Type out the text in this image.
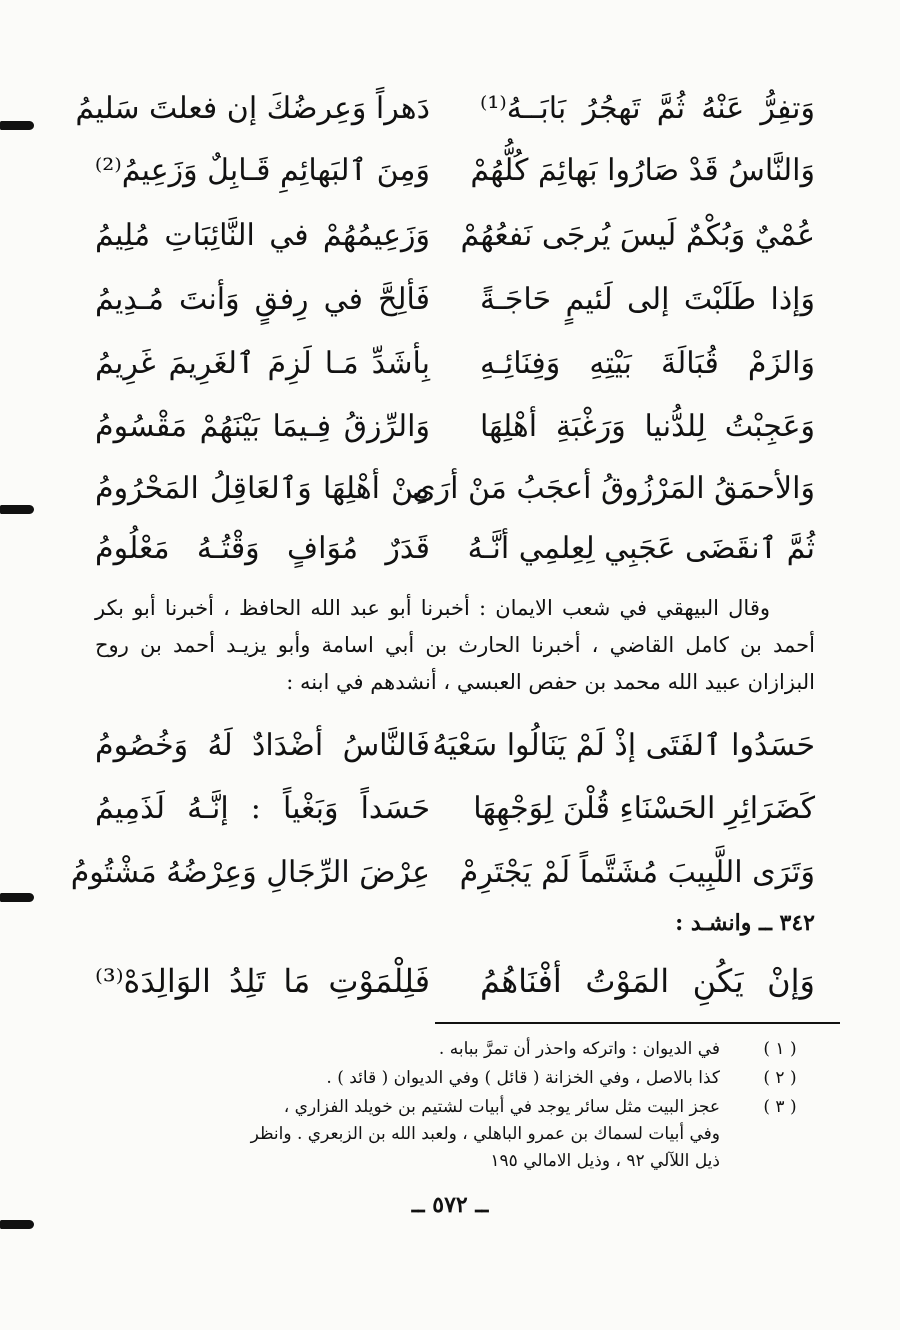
وَتفِرُّ عَنْهُ ثُمَّ تَهجُرُ بَابَــهُ⁽¹⁾
دَهراً وَعِرضُكَ إن فعلتَ سَليمُ
وَالنَّاسُ قَدْ صَارُوا بَهائِمَ كُلُّهُمْ
وَمِنَ ٱلبَهائِمِ قَـابِلٌ وَزَعِيمُ⁽²⁾
عُمْيٌ وَبُكْمٌ لَيسَ يُرجَى نَفعُهُمْ
وَزَعِيمُهُمْ في النَّائِبَاتِ مُلِيمُ
وَإذا طَلَبْتَ إلى لَئيمٍ حَاجَـةً
فَألِحَّ في رِفقٍ وَأنتَ مُـدِيمُ
وَالزَمْ قُبَالَةَ بَيْتِهِ وَفِنَائِـهِ
بِأشَدِّ مَـا لَزِمَ ٱلغَرِيمَ غَرِيمُ
وَعَجِبْتُ لِلدُّنيا وَرَغْبَةِ أهْلِهَا
وَالرِّزقُ فِـيمَا بَيْنَهُمْ مَقْسُومُ
وَالأحمَقُ المَرْزُوقُ أعجَبُ مَنْ أرَى
مِنْ أهْلِهَا وَٱلعَاقِلُ المَحْرُومُ
ثُمَّ ٱنقَضَى عَجَبِي لِعِلمِي أنَّـهُ
قَدَرٌ مُوَافٍ وَقْتُـهُ مَعْلُومُ
وقال البيهقي في شعب الايمان : أخبرنا أبو عبد الله الحافظ ، أخبرنا أبو بكر
أحمد بن كامل القاضي ، أخبرنا الحارث بن أبي اسامة وأبو يزيـد أحمد بن روح
البزازان عبيد الله محمد بن حفص العبسي ، أنشدهم في ابنه :
حَسَدُوا ٱلفَتَى إذْ لَمْ يَنَالُوا سَعْيَهُ
فَالنَّاسُ أضْدَادٌ لَهُ وَخُصُومُ
كَضَرَائِرِ الحَسْنَاءِ قُلْنَ لِوَجْهِهَا
حَسَداً وَبَغْياً : إنَّـهُ لَذَمِيمُ
وَتَرَى اللَّبِيبَ مُشَتَّماً لَمْ يَجْتَرِمْ
عِرْضَ الرِّجَالِ وَعِرْضُهُ مَشْتُومُ
٣٤٢ ــ وانشـد :
وَإنْ يَكُنِ المَوْتُ أفْنَاهُمُ
فَلِلْمَوْتِ مَا تَلِدُ الوَالِدَهْ⁽³⁾
( ١ )
في الديوان : واتركه واحذر أن تمرَّ ببابه .
( ٢ )
كذا بالاصل ، وفي الخزانة ( قائل ) وفي الديوان ( قائد ) .
( ٣ )
عجز البيت مثل سائر يوجد في أبيات لشتيم بن خويلد الفزاري ،
وفي أبيات لسماك بن عمرو الباهلي ، ولعبد الله بن الزبعري . وانظر
ذيل اللآلي ٩٢ ، وذيل الامالي ١٩٥
ــ ٥٧٢ ــ
